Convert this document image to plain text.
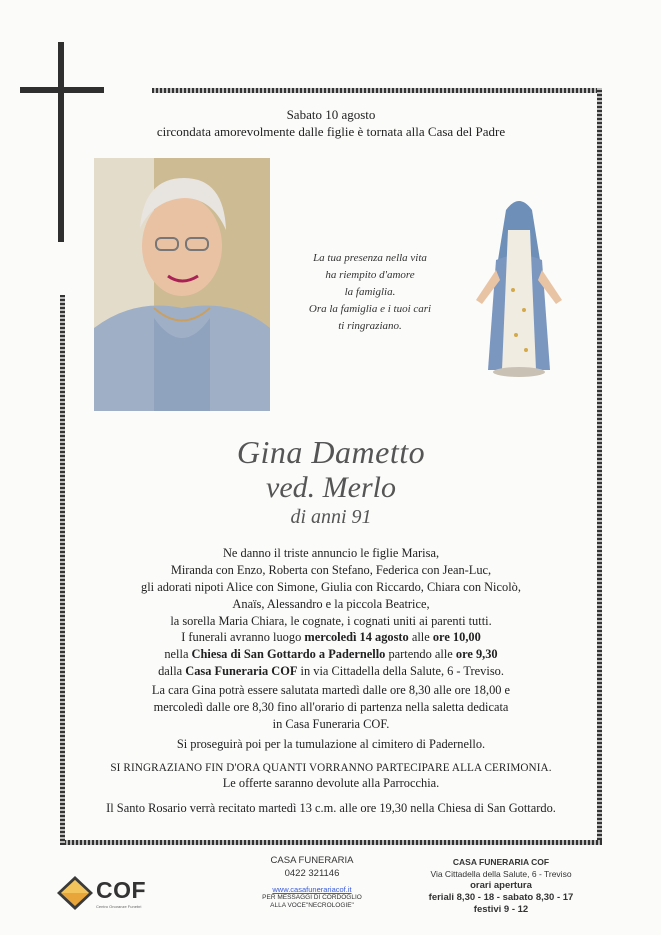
Sabato 10 agosto
circondata amorevolmente dalle figlie è tornata alla Casa del Padre
La tua presenza nella vita
ha riempito d'amore
la famiglia.
Ora la famiglia e i tuoi cari
ti ringraziano.
Gina Dametto
ved. Merlo
di anni 91
Ne danno il triste annuncio le figlie Marisa,
Miranda con Enzo, Roberta con Stefano, Federica con Jean-Luc,
gli adorati nipoti Alice con Simone, Giulia con Riccardo, Chiara con Nicolò,
Anaïs, Alessandro e la piccola Beatrice,
la sorella Maria Chiara, le cognate, i cognati uniti ai parenti tutti.
I funerali avranno luogo mercoledì 14 agosto alle ore 10,00
nella Chiesa di San Gottardo a Padernello partendo alle ore 9,30
dalla Casa Funeraria COF in via Cittadella della Salute, 6 - Treviso.
La cara Gina potrà essere salutata martedì dalle ore 8,30 alle ore 18,00 e
mercoledì dalle ore 8,30 fino all'orario di partenza nella saletta dedicata
in Casa Funeraria COF.
Si proseguirà poi per la tumulazione al cimitero di Padernello.
SI RINGRAZIANO FIN D'ORA QUANTI VORRANNO PARTECIPARE ALLA CERIMONIA.
Le offerte saranno devolute alla Parrocchia.
Il Santo Rosario verrà recitato martedì 13 c.m. alle ore 19,30 nella Chiesa di San Gottardo.
COF
Centro Onoranze Funebri
CASA FUNERARIA
0422 321146
www.casafunerariacof.it
PER MESSAGGI DI CORDOGLIO
ALLA VOCE"NECROLOGIE"
CASA FUNERARIA COF
Via Cittadella della Salute, 6 - Treviso
orari apertura
feriali 8,30 - 18 - sabato 8,30 - 17
festivi 9 - 12
